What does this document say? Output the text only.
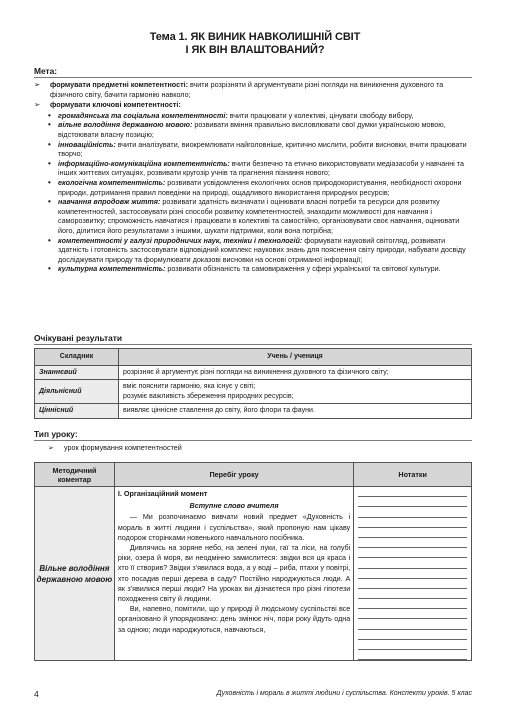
Тема 1. ЯК ВИНИК НАВКОЛИШНІЙ СВІТ
І ЯК ВІН ВЛАШТОВАНИЙ?
Мета:
➢ формувати предметні компетентності: вчити розрізняти й аргументувати різні погляди на виникнення духовного та фізичного світу, бачити гармонію навколо;
➢ формувати ключові компетентності:
• громадянська та соціальна компетентності: вчити працювати у колективі, цінувати свободу вибору,
• вільне володіння державною мовою: розвивати вміння правильно висловлювати свої думки українською мовою, відстоювати власну позицію;
• інноваційність: вчити аналізувати, виокремлювати найголовніше, критично мислити, робити висновки, вчити працювати творчо;
• інформаційно-комунікаційна компетентність: вчити безпечно та етично використовувати медіазасоби у навчанні та інших життєвих ситуаціях, розвивати кругозір учнів та прагнення пізнання нового;
• екологічна компетентність: розвивати усвідомлення екологічних основ природокористування, необхідності охорони природи, дотримання правил поведінки на природі, ощадливого використання природних ресурсів;
• навчання впродовж життя: розвивати здатність визначати і оцінювати власні потреби та ресурси для розвитку компетентностей, застосовувати різні способи розвитку компетентностей, знаходити можливості для навчання і саморозвитку; спроможність навчатися і працювати в колективі та самостійно, організовувати своє навчання, оцінювати його, ділитися його результатами з іншими, шукати підтримки, коли вона потрібна;
• компетентності у галузі природничих наук, техніки і технологій: формувати науковий світогляд, розвивати здатність і готовність застосовувати відповідний комплекс наукових знань для пояснення світу природи, набувати досвіду досліджувати природу та формулювати доказові висновки на основі отриманої інформації;
• культурна компетентність: розвивати обізнаність та самовираження у сфері української та світової культури.
Очікувані результати
Складник	Учень / учениця
Знаннєвий	розрізняє й аргументує різні погляди на виникнення духовного та фізичного світу;

Діяльнісний	вміє пояснити гармонію, яка існує у світі;
розуміє важливість збереження природних ресурсів;

Ціннісний	виявляє ціннісне ставлення до світу, його флори та фауни.
Тип уроку:
➢ урок формування компетентностей
Методичний коментар	Перебіг уроку	Нотатки
Вільне володіння державною мовою	І. Організаційний момент
Вступне слово вчителя
— Ми розпочинаємо вивчати новий предмет «Духовність і мораль в житті людини і суспільства», який пропоную нам цікаву подорож сторінками новенького навчального посібника.
Дивлячись на зоряне небо, на зелені луки, гаї та ліси, на голубі ріки, озера й моря, ви неодмінно замислитеся: звідки вся ця краса і хто її створив? Звідки з'явилася вода, а у воді – риба, птахи у повітрі, хто посадив перші дерева в саду? Постійно народжуються люди. А як з'явилися перші люди? На уроках ви дізнаєтеся про різні гіпотези походження світу й людини.
Ви, напевно, помітили, що у природі й людському суспільстві все організовано й упорядковано: день змінює ніч, пори року йдуть одна за одною; люди народжуються, навчаються,	

4	Духовність і мораль в житті людини і суспільства. Конспекти уроків. 5 клас
